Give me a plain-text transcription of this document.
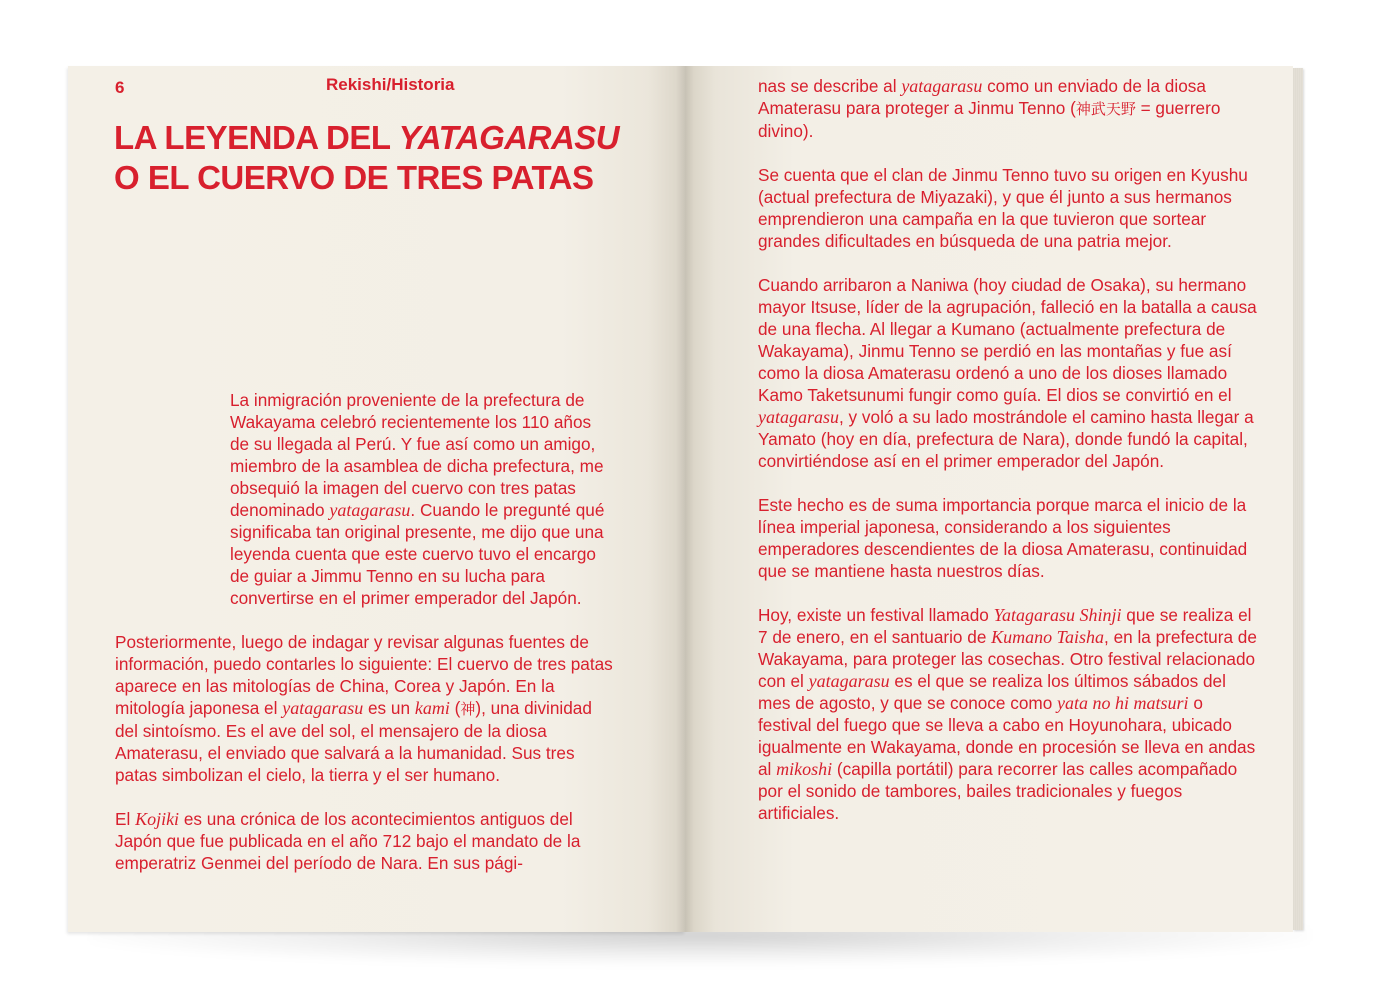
6	Rekishi/Historia
LA LEYENDA DEL YATAGARASU
O EL CUERVO DE TRES PATAS

La inmigración proveniente de la prefectura de Wakayama celebró recientemente los 110 años de su llegada al Perú. Y fue así como un amigo, miembro de la asamblea de dicha prefectura, me obsequió la imagen del cuervo con tres patas denominado yatagarasu. Cuando le pregunté qué significaba tan original presente, me dijo que una leyenda cuenta que este cuervo tuvo el encargo de guiar a Jimmu Tenno en su lucha para convertirse en el primer emperador del Japón.

Posteriormente, luego de indagar y revisar algunas fuentes de información, puedo contarles lo siguiente: El cuervo de tres patas aparece en las mitologías de China, Corea y Japón. En la mitología japonesa el yatagarasu es un kami (神), una divinidad del sintoísmo. Es el ave del sol, el mensajero de la diosa Amaterasu, el enviado que salvará a la humanidad. Sus tres patas simbolizan el cielo, la tierra y el ser humano.

El Kojiki es una crónica de los acontecimientos antiguos del Japón que fue publicada en el año 712 bajo el mandato de la emperatriz Genmei del período de Nara. En sus pági-

nas se describe al yatagarasu como un enviado de la diosa Amaterasu para proteger a Jinmu Tenno (神武天野 = guerrero divino).

Se cuenta que el clan de Jinmu Tenno tuvo su origen en Kyushu (actual prefectura de Miyazaki), y que él junto a sus hermanos emprendieron una campaña en la que tuvieron que sortear grandes dificultades en búsqueda de una patria mejor.

Cuando arribaron a Naniwa (hoy ciudad de Osaka), su hermano mayor Itsuse, líder de la agrupación, falleció en la batalla a causa de una flecha. Al llegar a Kumano (actualmente prefectura de Wakayama), Jinmu Tenno se perdió en las montañas y fue así como la diosa Amaterasu ordenó a uno de los dioses llamado Kamo Taketsunumi fungir como guía. El dios se convirtió en el yatagarasu, y voló a su lado mostrándole el camino hasta llegar a Yamato (hoy en día, prefectura de Nara), donde fundó la capital, convirtiéndose así en el primer emperador del Japón.

Este hecho es de suma importancia porque marca el inicio de la línea imperial japonesa, considerando a los siguientes emperadores descendientes de la diosa Amaterasu, continuidad que se mantiene hasta nuestros días.

Hoy, existe un festival llamado Yatagarasu Shinji que se realiza el 7 de enero, en el santuario de Kumano Taisha, en la prefectura de Wakayama, para proteger las cosechas. Otro festival relacionado con el yatagarasu es el que se realiza los últimos sábados del mes de agosto, y que se conoce como yata no hi matsuri o festival del fuego que se lleva a cabo en Hoyunohara, ubicado igualmente en Wakayama, donde en procesión se lleva en andas al mikoshi (capilla portátil) para recorrer las calles acompañado por el sonido de tambores, bailes tradicionales y fuegos artificiales.
